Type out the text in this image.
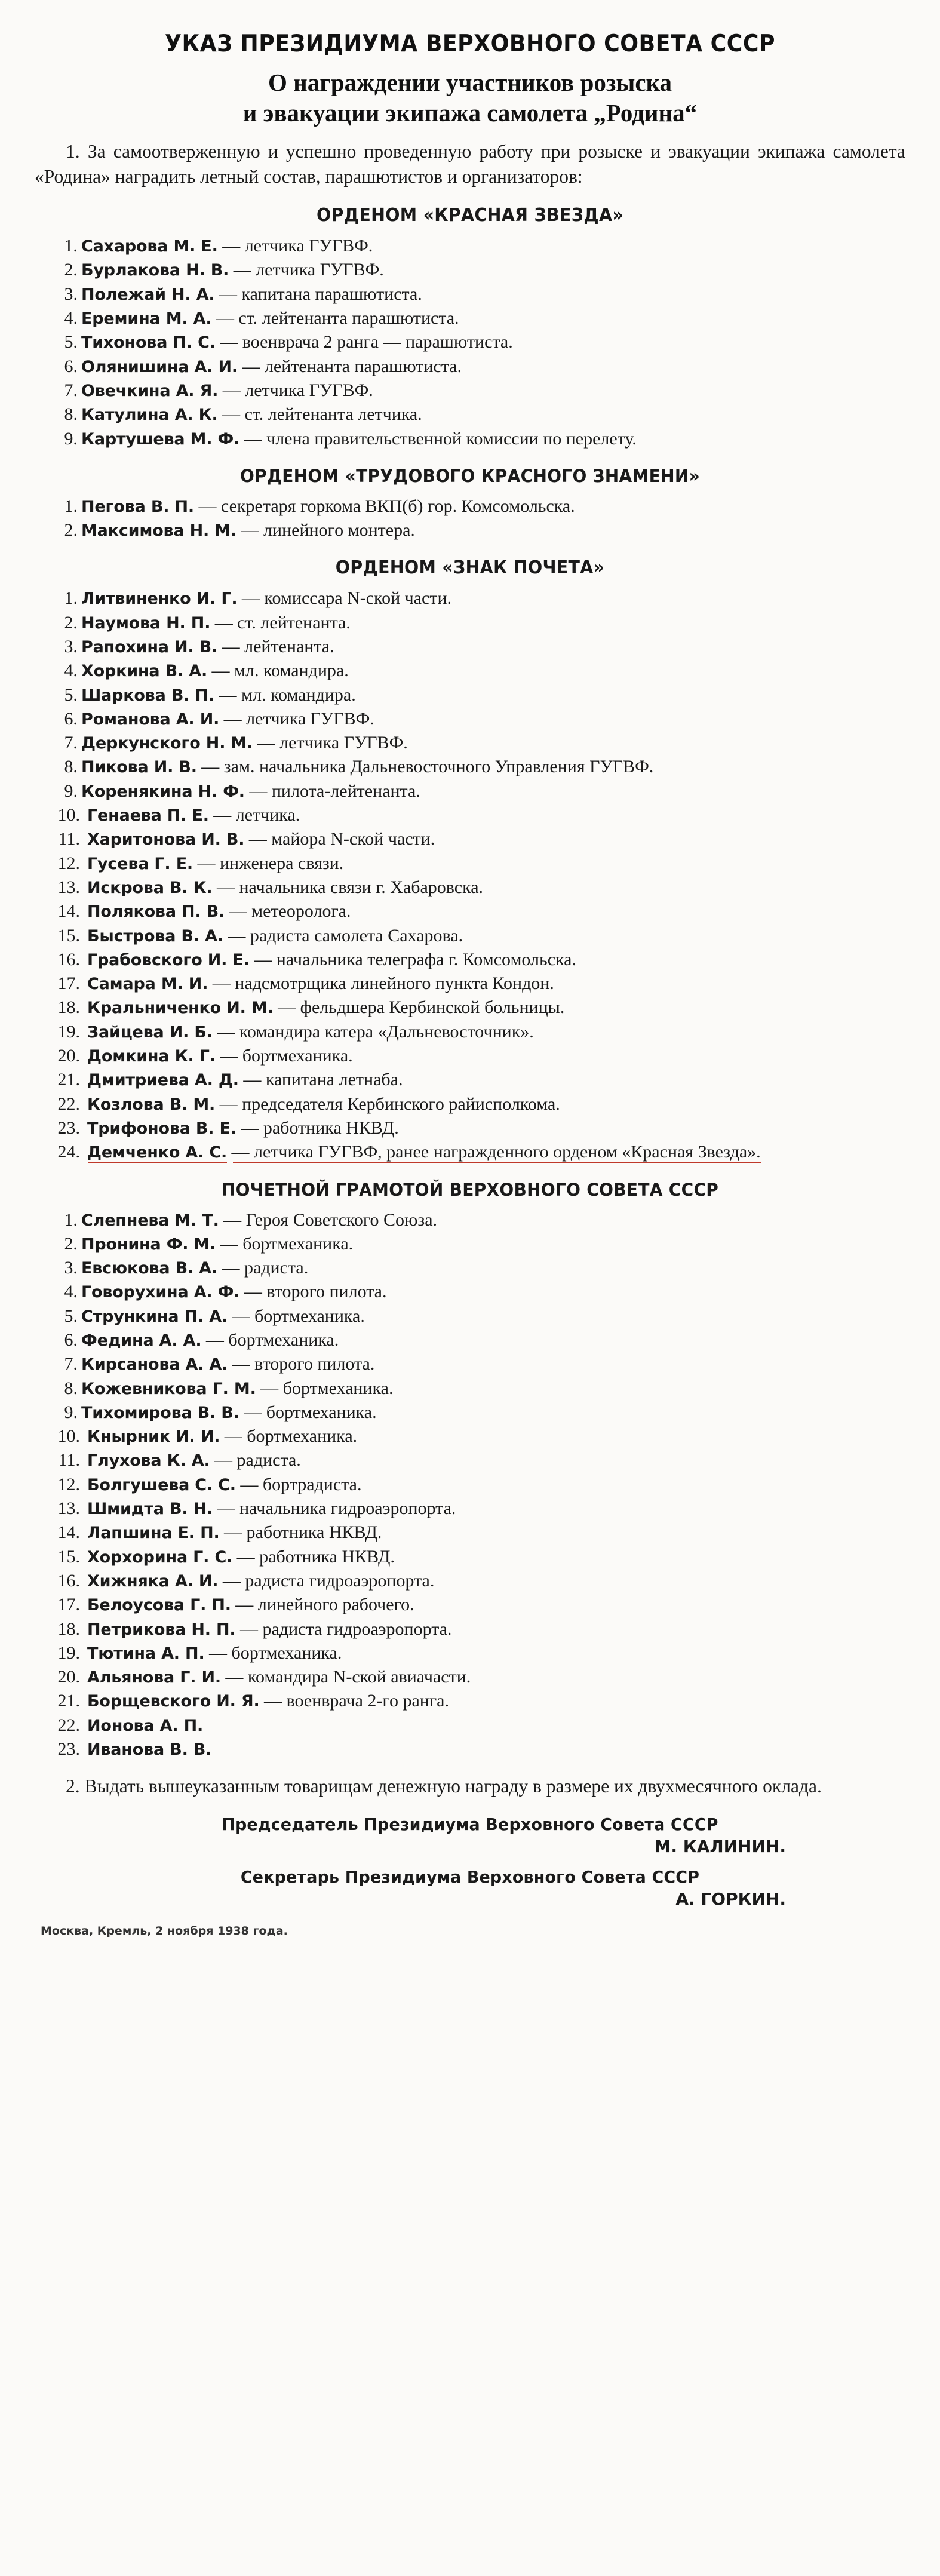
УКАЗ ПРЕЗИДИУМА ВЕРХОВНОГО СОВЕТА СССР
О награждении участников розыска
и эвакуации экипажа самолета „Родина“
1. За самоотверженную и успешно проведенную работу при розыске и эвакуации экипажа самолета «Родина» наградить летный состав, парашютистов и организаторов:
ОРДЕНОМ «КРАСНАЯ ЗВЕЗДА»
1. Сахарова М. Е. — летчика ГУГВФ.
2. Бурлакова Н. В. — летчика ГУГВФ.
3. Полежай Н. А. — капитана парашютиста.
4. Еремина М. А. — ст. лейтенанта парашютиста.
5. Тихонова П. С. — военврача 2 ранга — парашютиста.
6. Олянишина А. И. — лейтенанта парашютиста.
7. Овечкина А. Я. — летчика ГУГВФ.
8. Катулина А. К. — ст. лейтенанта летчика.
9. Картушева М. Ф. — члена правительственной комиссии по перелету.
ОРДЕНОМ «ТРУДОВОГО КРАСНОГО ЗНАМЕНИ»
1. Пегова В. П. — секретаря горкома ВКП(б) гор. Комсомольска.
2. Максимова Н. М. — линейного монтера.
ОРДЕНОМ «ЗНАК ПОЧЕТА»
1. Литвиненко И. Г. — комиссара N-ской части.
2. Наумова Н. П. — ст. лейтенанта.
3. Рапохина И. В. — лейтенанта.
4. Хоркина В. А. — мл. командира.
5. Шаркова В. П. — мл. командира.
6. Романова А. И. — летчика ГУГВФ.
7. Деркунского Н. М. — летчика ГУГВФ.
8. Пикова И. В. — зам. начальника Дальневосточного Управления ГУГВФ.
9. Коренякина Н. Ф. — пилота-лейтенанта.
10. Генаева П. Е. — летчика.
11. Харитонова И. В. — майора N-ской части.
12. Гусева Г. Е. — инженера связи.
13. Искрова В. К. — начальника связи г. Хабаровска.
14. Полякова П. В. — метеоролога.
15. Быстрова В. А. — радиста самолета Сахарова.
16. Грабовского И. Е. — начальника телеграфа г. Комсомольска.
17. Самара М. И. — надсмотрщика линейного пункта Кондон.
18. Кральниченко И. М. — фельдшера Кербинской больницы.
19. Зайцева И. Б. — командира катера «Дальневосточник».
20. Домкина К. Г. — бортмеханика.
21. Дмитриева А. Д. — капитана летнаба.
22. Козлова В. М. — председателя Кербинского райисполкома.
23. Трифонова В. Е. — работника НКВД.
24. Демченко А. С. — летчика ГУГВФ, ранее награжденного орденом «Красная Звезда».
ПОЧЕТНОЙ ГРАМОТОЙ ВЕРХОВНОГО СОВЕТА СССР
1. Слепнева М. Т. — Героя Советского Союза.
2. Пронина Ф. М. — бортмеханика.
3. Евсюкова В. А. — радиста.
4. Говорухина А. Ф. — второго пилота.
5. Стрункина П. А. — бортмеханика.
6. Федина А. А. — бортмеханика.
7. Кирсанова А. А. — второго пилота.
8. Кожевникова Г. М. — бортмеханика.
9. Тихомирова В. В. — бортмеханика.
10. Кнырник И. И. — бортмеханика.
11. Глухова К. А. — радиста.
12. Болгушева С. С. — бортрадиста.
13. Шмидта В. Н. — начальника гидроаэропорта.
14. Лапшина Е. П. — работника НКВД.
15. Хорхорина Г. С. — работника НКВД.
16. Хижняка А. И. — радиста гидроаэропорта.
17. Белоусова Г. П. — линейного рабочего.
18. Петрикова Н. П. — радиста гидроаэропорта.
19. Тютина А. П. — бортмеханика.
20. Альянова Г. И. — командира N-ской авиачасти.
21. Борщевского И. Я. — военврача 2-го ранга.
22. Ионова А. П.
23. Иванова В. В.
2. Выдать вышеуказанным товарищам денежную награду в размере их двухмесячного оклада.
Председатель Президиума Верховного Совета СССР
М. КАЛИНИН.
Секретарь Президиума Верховного Совета СССР
А. ГОРКИН.
Москва, Кремль, 2 ноября 1938 года.
